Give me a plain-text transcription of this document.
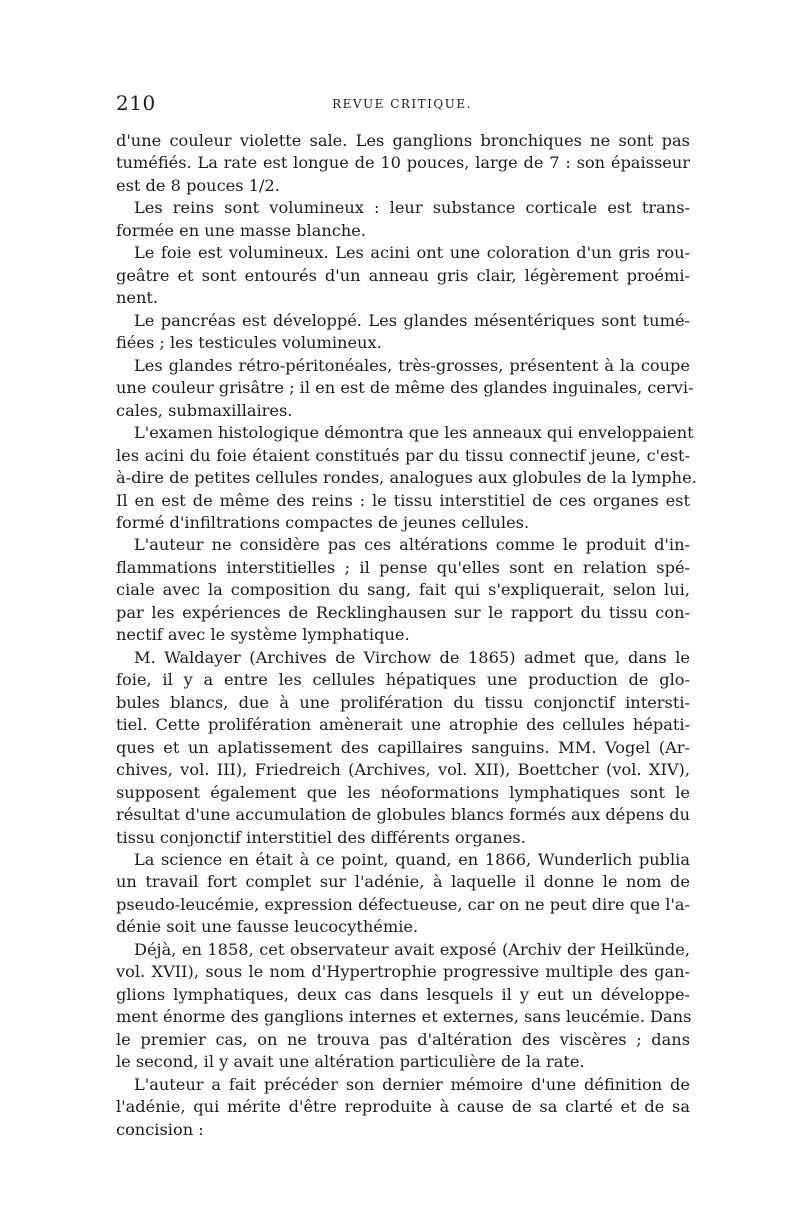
210	REVUE CRITIQUE.
d'une couleur violette sale. Les ganglions bronchiques ne sont pas
tuméfiés. La rate est longue de 10 pouces, large de 7 : son épaisseur
est de 8 pouces 1/2.
Les reins sont volumineux : leur substance corticale est trans-
formée en une masse blanche.
Le foie est volumineux. Les acini ont une coloration d'un gris rou-
geâtre et sont entourés d'un anneau gris clair, légèrement proémi-
nent.
Le pancréas est développé. Les glandes mésentériques sont tumé-
fiées ; les testicules volumineux.
Les glandes rétro-péritonéales, très-grosses, présentent à la coupe
une couleur grisâtre ; il en est de même des glandes inguinales, cervi-
cales, submaxillaires.
L'examen histologique démontra que les anneaux qui enveloppaient
les acini du foie étaient constitués par du tissu connectif jeune, c'est-
à-dire de petites cellules rondes, analogues aux globules de la lymphe.
Il en est de même des reins : le tissu interstitiel de ces organes est
formé d'infiltrations compactes de jeunes cellules.
L'auteur ne considère pas ces altérations comme le produit d'in-
flammations interstitielles ; il pense qu'elles sont en relation spé-
ciale avec la composition du sang, fait qui s'expliquerait, selon lui,
par les expériences de Recklinghausen sur le rapport du tissu con-
nectif avec le système lymphatique.
M. Waldayer (Archives de Virchow de 1865) admet que, dans le
foie, il y a entre les cellules hépatiques une production de glo-
bules blancs, due à une prolifération du tissu conjonctif intersti-
tiel. Cette prolifération amènerait une atrophie des cellules hépati-
ques et un aplatissement des capillaires sanguins. MM. Vogel (Ar-
chives, vol. III), Friedreich (Archives, vol. XII), Boettcher (vol. XIV),
supposent également que les néoformations lymphatiques sont le
résultat d'une accumulation de globules blancs formés aux dépens du
tissu conjonctif interstitiel des différents organes.
La science en était à ce point, quand, en 1866, Wunderlich publia
un travail fort complet sur l'adénie, à laquelle il donne le nom de
pseudo-leucémie, expression défectueuse, car on ne peut dire que l'a-
dénie soit une fausse leucocythémie.
Déjà, en 1858, cet observateur avait exposé (Archiv der Heilkünde,
vol. XVII), sous le nom d'Hypertrophie progressive multiple des gan-
glions lymphatiques, deux cas dans lesquels il y eut un développe-
ment énorme des ganglions internes et externes, sans leucémie. Dans
le premier cas, on ne trouva pas d'altération des viscères ; dans
le second, il y avait une altération particulière de la rate.
L'auteur a fait précéder son dernier mémoire d'une définition de
l'adénie, qui mérite d'être reproduite à cause de sa clarté et de sa
concision :
